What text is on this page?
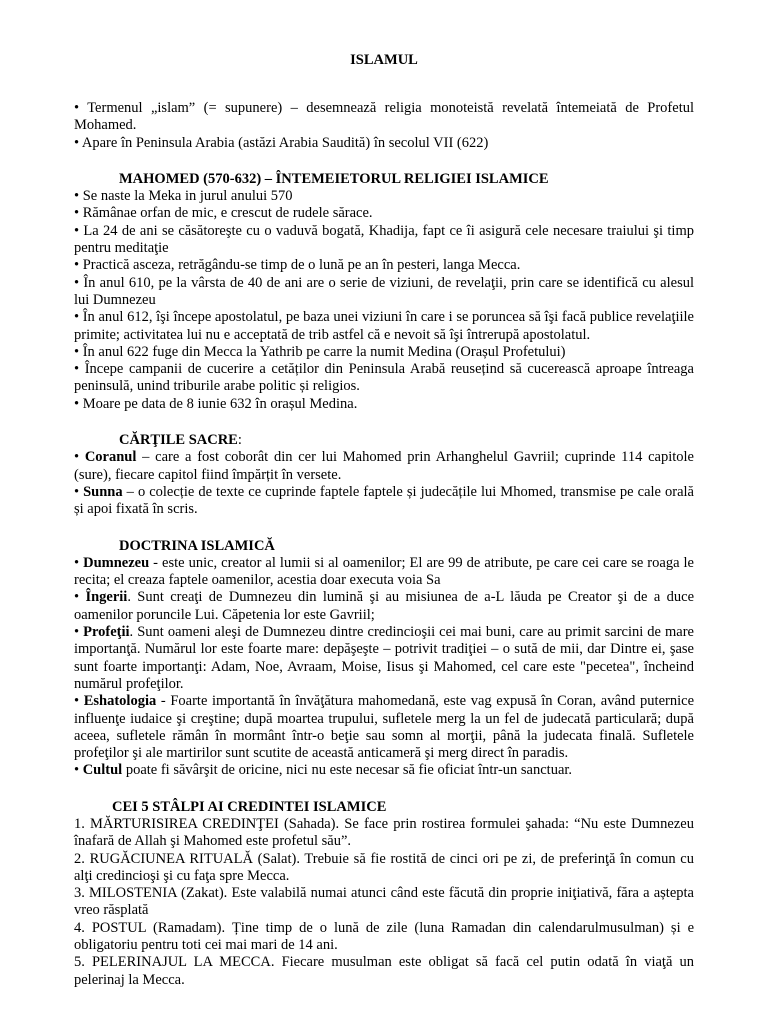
ISLAMUL

• Termenul „islam” (= supunere) – desemnează religia monoteistă revelată întemeiată de Profetul Mohamed.

• Apare în Peninsula Arabia (astăzi Arabia Saudită) în secolul VII (622)

MAHOMED (570-632) – ÎNTEMEIETORUL RELIGIEI ISLAMICE

• Se naste la Meka in jurul anului 570

• Rămânae orfan de mic, e crescut de rudele sărace.

• La 24 de ani se căsătoreşte cu o vaduvă bogată, Khadija, fapt ce îi asigură cele necesare traiului şi timp pentru meditaţie

• Practică asceza, retrăgându-se timp de o lună pe an în pesteri, langa Mecca.

• În anul 610, pe la vârsta de 40 de ani are o serie de viziuni, de revelaţii, prin care se identifică cu alesul lui Dumnezeu

• În anul 612, îşi începe apostolatul, pe baza unei viziuni în care i se poruncea să îşi facă publice revelaţiile primite; activitatea lui nu e acceptată de trib astfel că e nevoit să îşi întrerupă apostolatul.

• În anul 622 fuge din Mecca la Yathrib pe carre la numit Medina (Orașul Profetului)

• Începe campanii de cucerire a cetăților din Peninsula Arabă reusețind să cucerească aproape întreaga peninsulă, unind triburile arabe politic și religios.

• Moare pe data de 8 iunie 632 în orașul Medina.

CĂRŢILE SACRE:

• Coranul – care a fost coborât din cer lui Mahomed prin Arhanghelul Gavriil; cuprinde 114 capitole (sure), fiecare capitol fiind împărțit în versete.

• Sunna – o colecție de texte ce cuprinde faptele faptele și judecățile lui Mhomed, transmise pe cale orală și apoi fixată în scris.

DOCTRINA ISLAMICĂ

• Dumnezeu - este unic, creator al lumii si al oamenilor; El are 99 de atribute, pe care cei care se roaga le recita; el creaza faptele oamenilor, acestia doar executa voia Sa

• Îngerii. Sunt creaţi de Dumnezeu din lumină şi au misiunea de a-L lăuda pe Creator şi de a duce oamenilor poruncile Lui. Căpetenia lor este Gavriil;

• Profeţii. Sunt oameni aleşi de Dumnezeu dintre credincioşii cei mai buni, care au primit sarcini de mare importanţă. Numărul lor este foarte mare: depăşeşte – potrivit tradiţiei – o sută de mii, dar Dintre ei, şase sunt foarte importanţi: Adam, Noe, Avraam, Moise, Iisus şi Mahomed, cel care este "pecetea", încheind numărul profeţilor.

• Eshatologia - Foarte importantă în învăţătura mahomedană, este vag expusă în Coran, având puternice influenţe iudaice şi creştine; după moartea trupului, sufletele merg la un fel de judecată particulară; după aceea, sufletele rămân în mormânt într-o beţie sau somn al morţii, până la judecata finală. Sufletele profeţilor şi ale martirilor sunt scutite de această anticameră şi merg direct în paradis.

• Cultul poate fi săvârşit de oricine, nici nu este necesar să fie oficiat într-un sanctuar.

CEI 5 STÂLPI AI CREDINTEI ISLAMICE

1. MĂRTURISIREA CREDINŢEI (Sahada). Se face prin rostirea formulei şahada: “Nu este Dumnezeu înafară de Allah şi Mahomed este profetul său”.

2. RUGĂCIUNEA RITUALĂ (Salat). Trebuie să fie rostită de cinci ori pe zi, de preferinţă în comun cu alţi credincioşi şi cu faţa spre Mecca.

3. MILOSTENIA (Zakat). Este valabilă numai atunci când este făcută din proprie iniţiativă, făra a aștepta vreo răsplată

4. POSTUL (Ramadam). Ține timp de o lună de zile (luna Ramadan din calendarulmusulman) și e obligatoriu pentru toti cei mai mari de 14 ani.

5. PELERINAJUL LA MECCA. Fiecare musulman este obligat să facă cel putin odată în viaţă un pelerinaj la Mecca.
